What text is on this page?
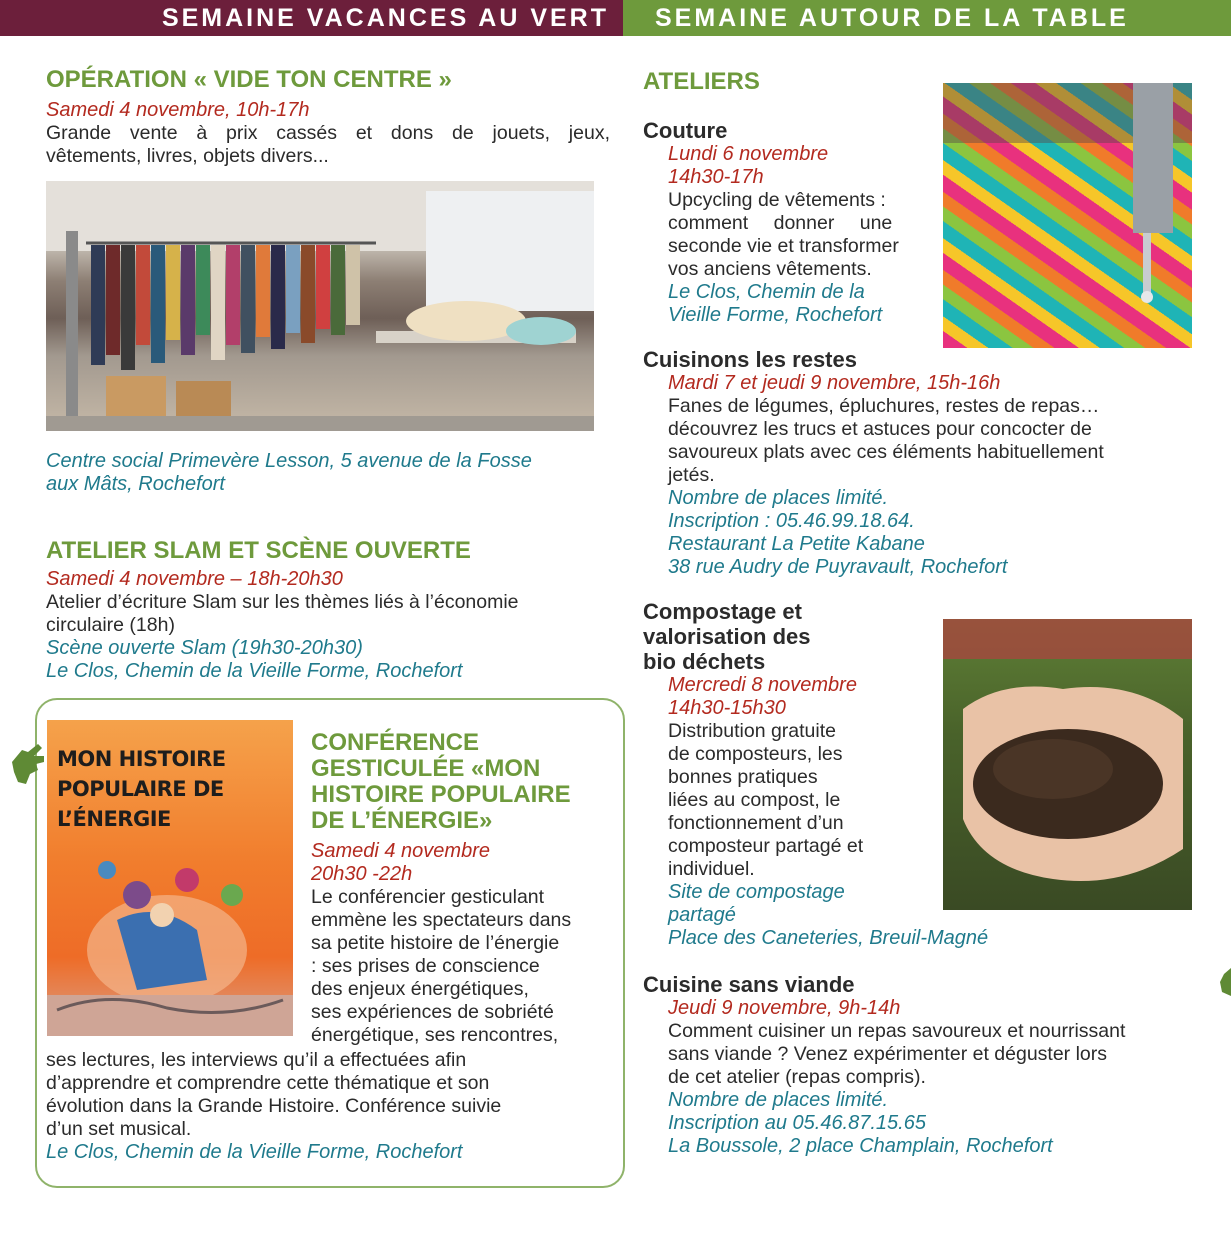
SEMAINE VACANCES AU VERT	SEMAINE AUTOUR DE LA TABLE
OPÉRATION « VIDE TON CENTRE »
Samedi 4 novembre, 10h-17h
Grande vente à prix cassés et dons de jouets, jeux,
vêtements, livres, objets divers...
Centre social Primevère Lesson, 5 avenue de la Fosse
aux Mâts, Rochefort
ATELIER SLAM ET SCÈNE OUVERTE
Samedi 4 novembre – 18h-20h30
Atelier d’écriture Slam sur les thèmes liés à l’économie
circulaire (18h)
Scène ouverte Slam (19h30-20h30)
Le Clos, Chemin de la Vieille Forme, Rochefort
MON HISTOIRE POPULAIRE DE L’ÉNERGIE
CONFÉRENCE
GESTICULÉE «MON
HISTOIRE POPULAIRE
DE L’ÉNERGIE»
Samedi 4 novembre
20h30 -22h
Le conférencier gesticulant
emmène les spectateurs dans
sa petite histoire de l’énergie
: ses prises de conscience
des enjeux énergétiques,
ses expériences de sobriété
énergétique, ses rencontres,
ses lectures, les interviews qu’il a effectuées afin
d’apprendre et comprendre cette thématique et son
évolution dans la Grande Histoire. Conférence suivie
d’un set musical.
Le Clos, Chemin de la Vieille Forme, Rochefort
ATELIERS
Couture
Lundi 6 novembre
14h30-17h
Upcycling de vêtements :
comment donner une
seconde vie et transformer
vos anciens vêtements.
Le Clos, Chemin de la
Vieille Forme, Rochefort
Cuisinons les restes
Mardi 7 et jeudi 9 novembre, 15h-16h
Fanes de légumes, épluchures, restes de repas…
découvrez les trucs et astuces pour concocter de
savoureux plats avec ces éléments habituellement
jetés.
Nombre de places limité.
Inscription : 05.46.99.18.64.
Restaurant La Petite Kabane
38 rue Audry de Puyravault, Rochefort
Compostage et
valorisation des
bio déchets
Mercredi 8 novembre
14h30-15h30
Distribution gratuite
de composteurs, les
bonnes pratiques
liées au compost, le
fonctionnement d’un
composteur partagé et
individuel.
Site de compostage
partagé
Place des Caneteries, Breuil-Magné
Cuisine sans viande
Jeudi 9 novembre, 9h-14h
Comment cuisiner un repas savoureux et nourrissant
sans viande ? Venez expérimenter et déguster lors
de cet atelier (repas compris).
Nombre de places limité.
Inscription au 05.46.87.15.65
La Boussole, 2 place Champlain, Rochefort
